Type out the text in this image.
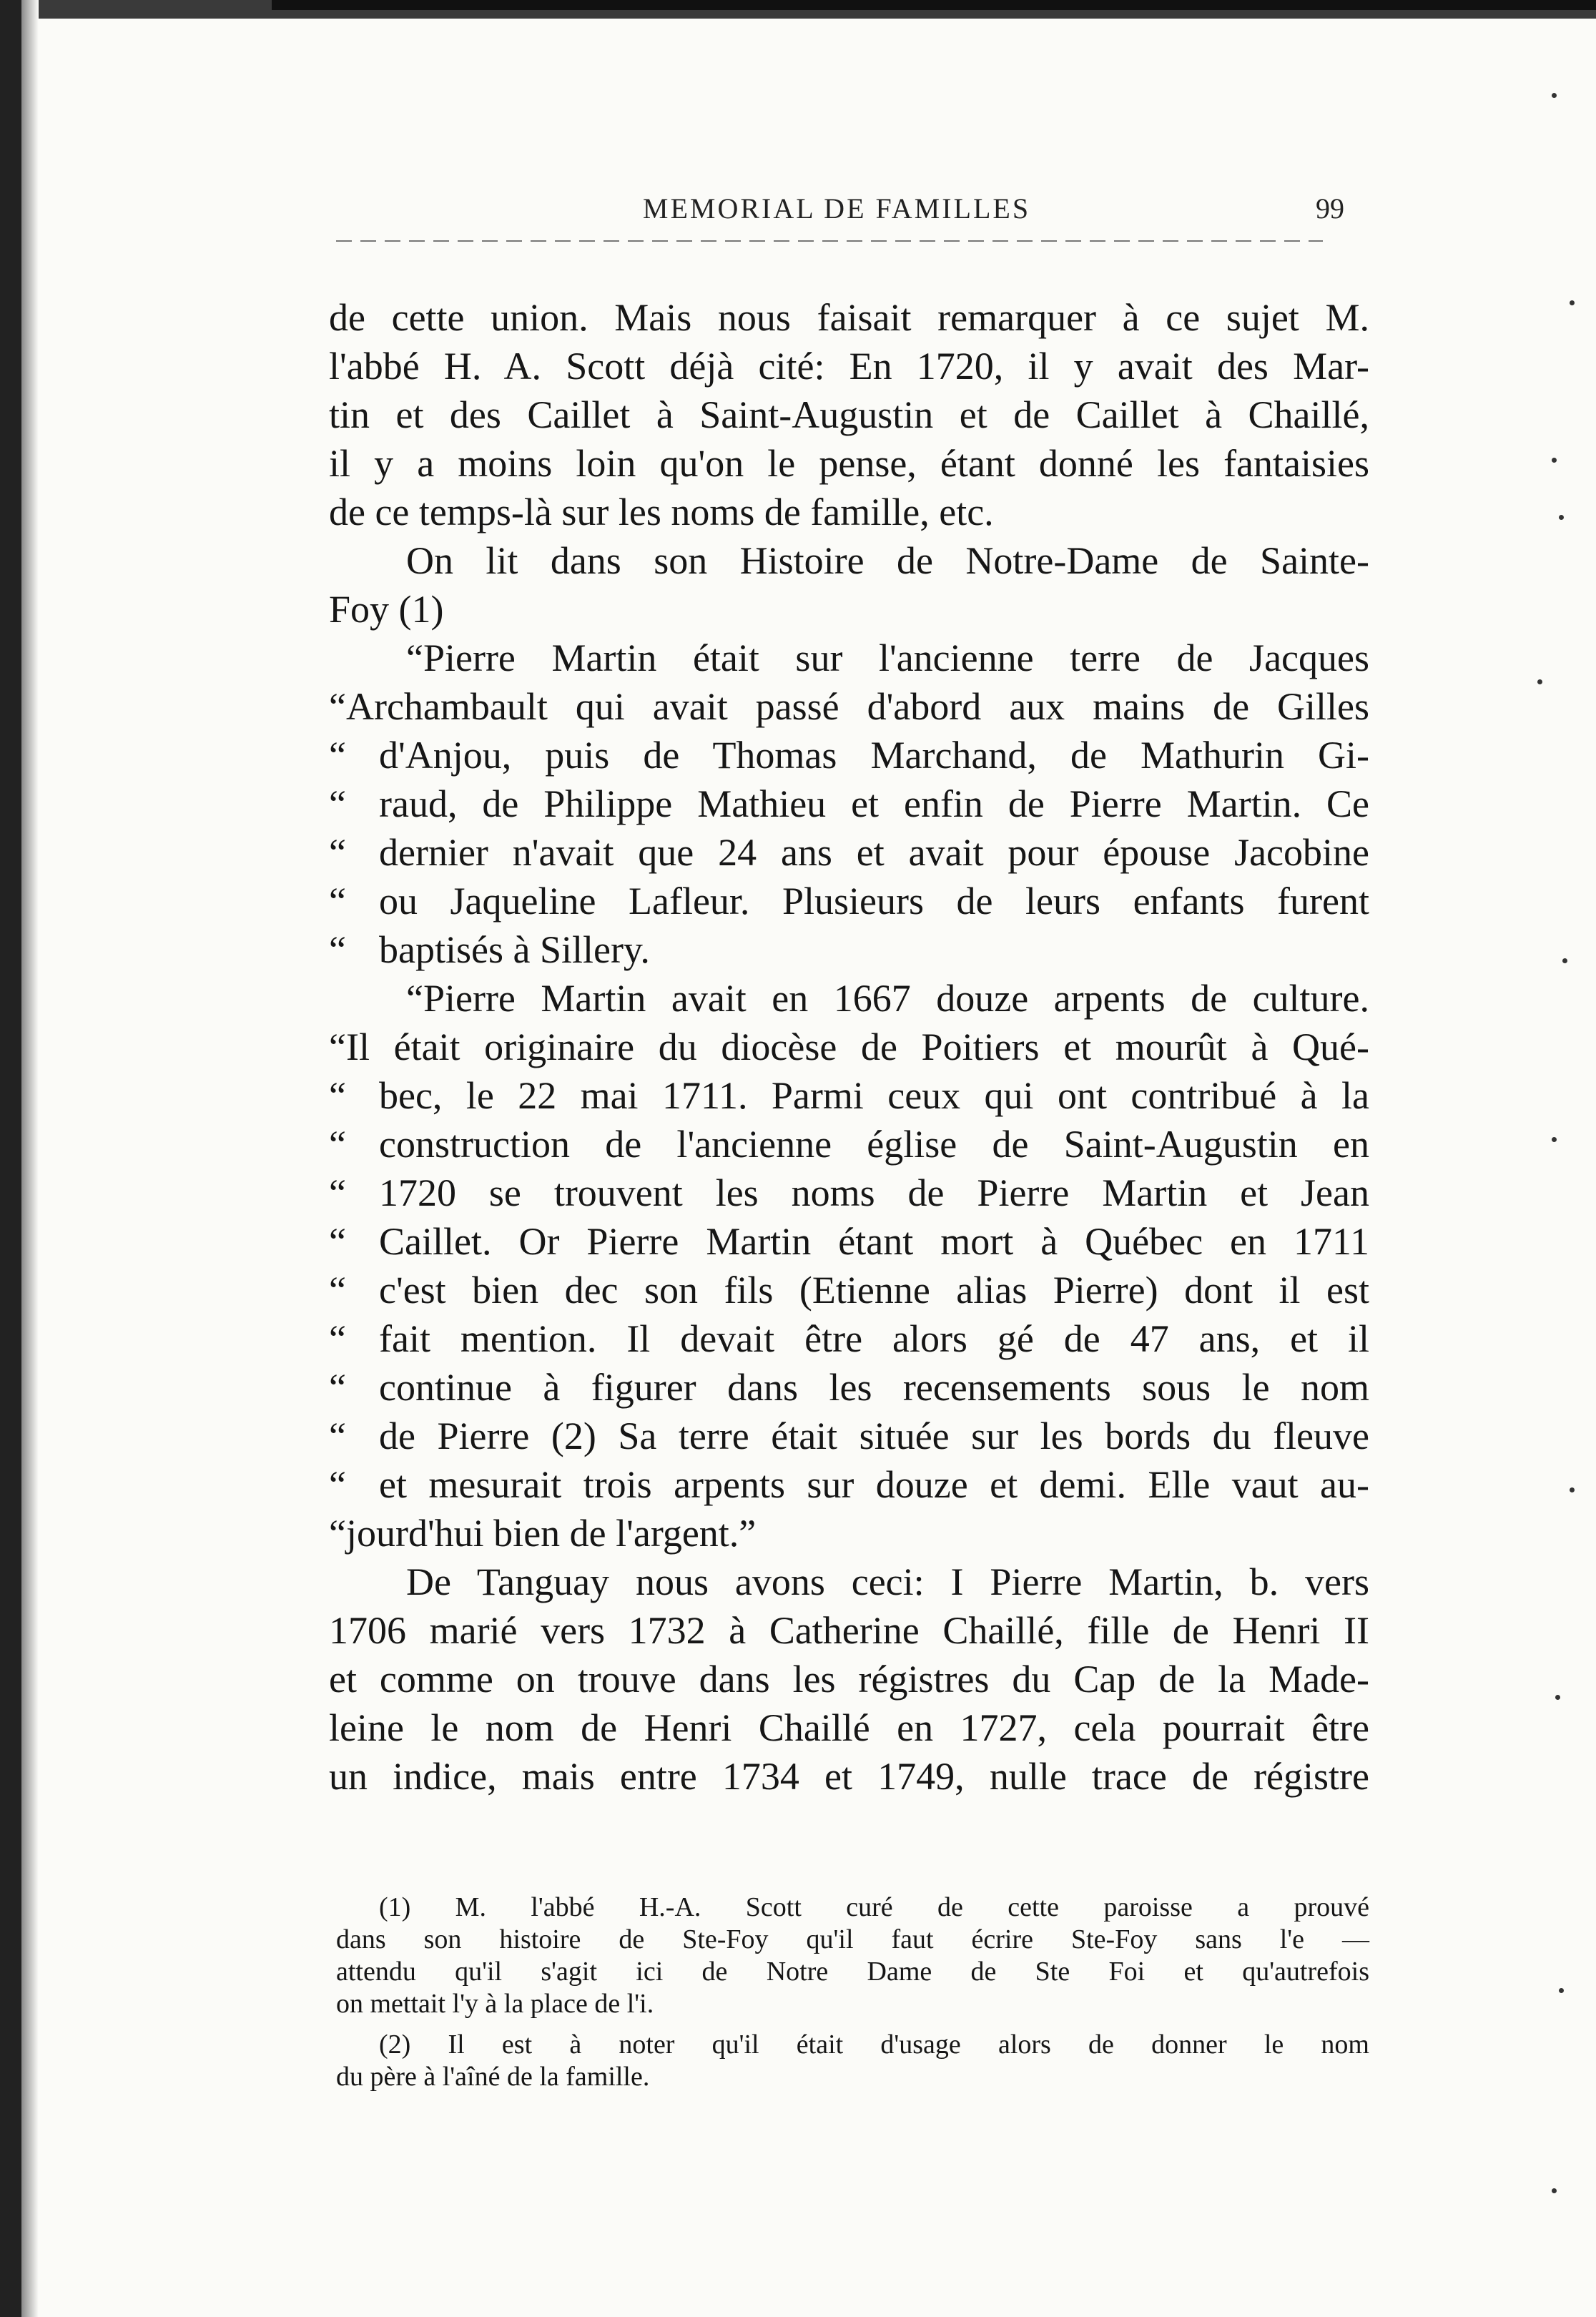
MEMORIAL DE FAMILLES	99
de cette union. Mais nous faisait remarquer à ce sujet M.
l'abbé H. A. Scott déjà cité: En 1720, il y avait des Mar-
tin et des Caillet à Saint-Augustin et de Caillet à Chaillé,
il y a moins loin qu'on le pense, étant donné les fantaisies
de ce temps-là sur les noms de famille, etc.
On lit dans son Histoire de Notre-Dame de Sainte-
Foy (1)
“Pierre Martin était sur l'ancienne terre de Jacques
“Archambault qui avait passé d'abord aux mains de Gilles
“ d'Anjou, puis de Thomas Marchand, de Mathurin Gi-
“ raud, de Philippe Mathieu et enfin de Pierre Martin. Ce
“ dernier n'avait que 24 ans et avait pour épouse Jacobine
“ ou Jaqueline Lafleur. Plusieurs de leurs enfants furent
“ baptisés à Sillery.
“Pierre Martin avait en 1667 douze arpents de culture.
“Il était originaire du diocèse de Poitiers et mourût à Qué-
“ bec, le 22 mai 1711. Parmi ceux qui ont contribué à la
“ construction de l'ancienne église de Saint-Augustin en
“ 1720 se trouvent les noms de Pierre Martin et Jean
“ Caillet. Or Pierre Martin étant mort à Québec en 1711
“ c'est bien dec son fils (Etienne alias Pierre) dont il est
“ fait mention. Il devait être alors gé de 47 ans, et il
“ continue à figurer dans les recensements sous le nom
“ de Pierre (2) Sa terre était située sur les bords du fleuve
“ et mesurait trois arpents sur douze et demi. Elle vaut au-
“jourd'hui bien de l'argent.”
De Tanguay nous avons ceci: I Pierre Martin, b. vers
1706 marié vers 1732 à Catherine Chaillé, fille de Henri II
et comme on trouve dans les régistres du Cap de la Made-
leine le nom de Henri Chaillé en 1727, cela pourrait être
un indice, mais entre 1734 et 1749, nulle trace de régistre
(1) M. l'abbé H.-A. Scott curé de cette paroisse a prouvé
dans son histoire de Ste-Foy qu'il faut écrire Ste-Foy sans l'e —
attendu qu'il s'agit ici de Notre Dame de Ste Foi et qu'autrefois
on mettait l'y à la place de l'i.
(2) Il est à noter qu'il était d'usage alors de donner le nom
du père à l'aîné de la famille.
